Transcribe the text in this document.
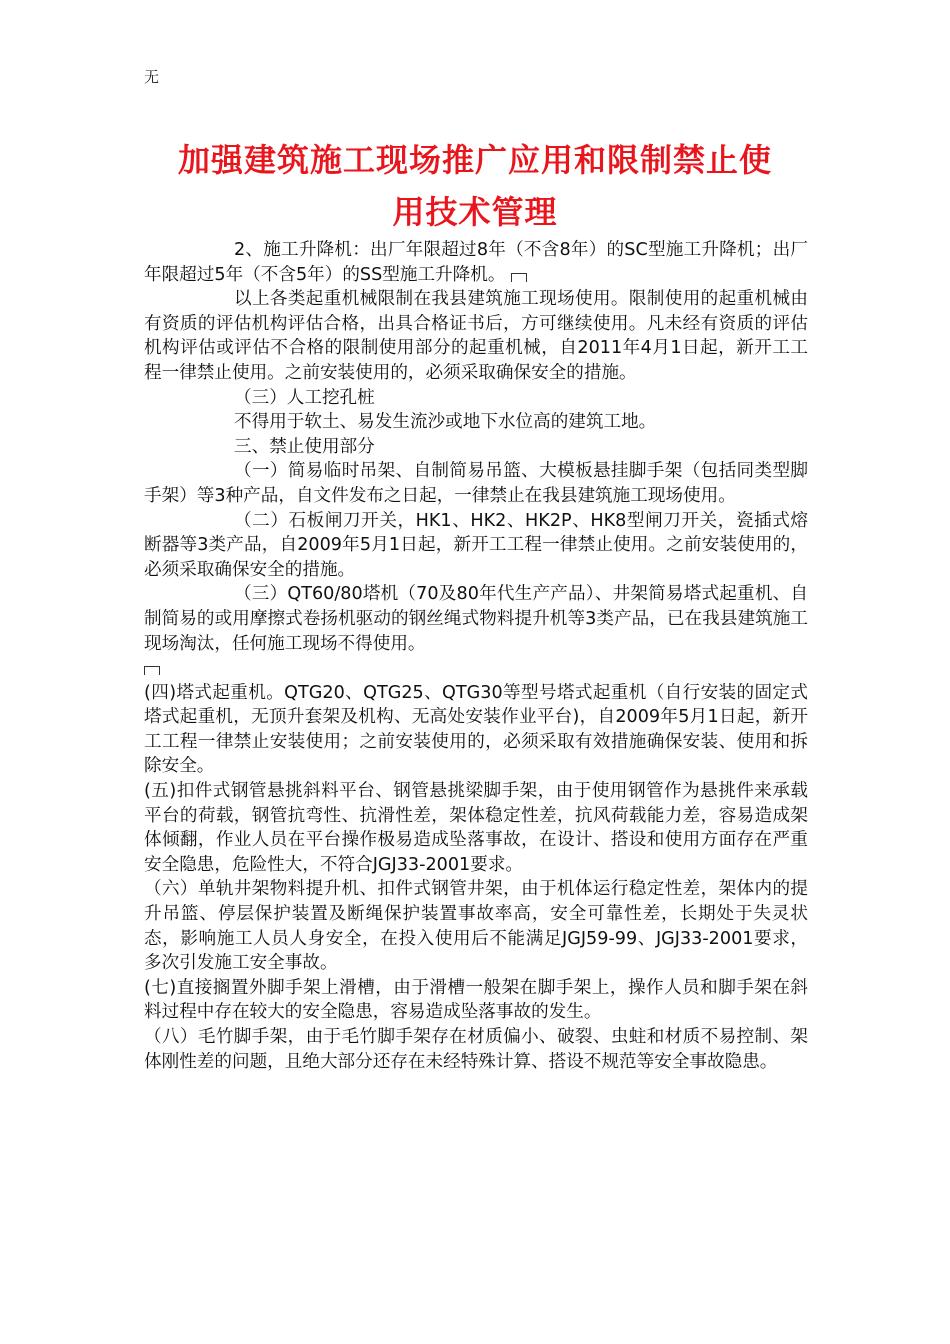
无
加强建筑施工现场推广应用和限制禁止使
用技术管理

2、施工升降机：出厂年限超过8年（不含8年）的SC型施工升降机；出厂年限超过5年（不含5年）的SS型施工升降机。

以上各类起重机械限制在我县建筑施工现场使用。限制使用的起重机械由有资质的评估机构评估合格，出具合格证书后，方可继续使用。凡未经有资质的评估机构评估或评估不合格的限制使用部分的起重机械，自2011年4月1日起，新开工工程一律禁止使用。之前安装使用的，必须采取确保安全的措施。

（三）人工挖孔桩

不得用于软土、易发生流沙或地下水位高的建筑工地。

三、禁止使用部分

（一）简易临时吊架、自制简易吊篮、大模板悬挂脚手架（包括同类型脚手架）等3种产品，自文件发布之日起，一律禁止在我县建筑施工现场使用。

（二）石板闸刀开关，HK1、HK2、HK2P、HK8型闸刀开关，瓷插式熔断器等3类产品，自2009年5月1日起，新开工工程一律禁止使用。之前安装使用的，必须采取确保安全的措施。

（三）QT60/80塔机（70及80年代生产产品）、井架简易塔式起重机、自制简易的或用摩擦式卷扬机驱动的钢丝绳式物料提升机等3类产品，已在我县建筑施工现场淘汰，任何施工现场不得使用。

(四)塔式起重机。QTG20、QTG25、QTG30等型号塔式起重机（自行安装的固定式塔式起重机，无顶升套架及机构、无高处安装作业平台)，自2009年5月1日起，新开工工程一律禁止安装使用；之前安装使用的，必须采取有效措施确保安装、使用和拆除安全。

(五)扣件式钢管悬挑斜料平台、钢管悬挑梁脚手架，由于使用钢管作为悬挑件来承载平台的荷载，钢管抗弯性、抗滑性差，架体稳定性差，抗风荷载能力差，容易造成架体倾翻，作业人员在平台操作极易造成坠落事故，在设计、搭设和使用方面存在严重安全隐患，危险性大，不符合JGJ33-2001要求。

（六）单轨井架物料提升机、扣件式钢管井架，由于机体运行稳定性差，架体内的提升吊篮、停层保护装置及断绳保护装置事故率高，安全可靠性差，长期处于失灵状态，影响施工人员人身安全，在投入使用后不能满足JGJ59-99、JGJ33-2001要求，多次引发施工安全事故。

(七)直接搁置外脚手架上滑槽，由于滑槽一般架在脚手架上，操作人员和脚手架在斜料过程中存在较大的安全隐患，容易造成坠落事故的发生。

（八）毛竹脚手架，由于毛竹脚手架存在材质偏小、破裂、虫蛀和材质不易控制、架体刚性差的问题，且绝大部分还存在未经特殊计算、搭设不规范等安全事故隐患。
